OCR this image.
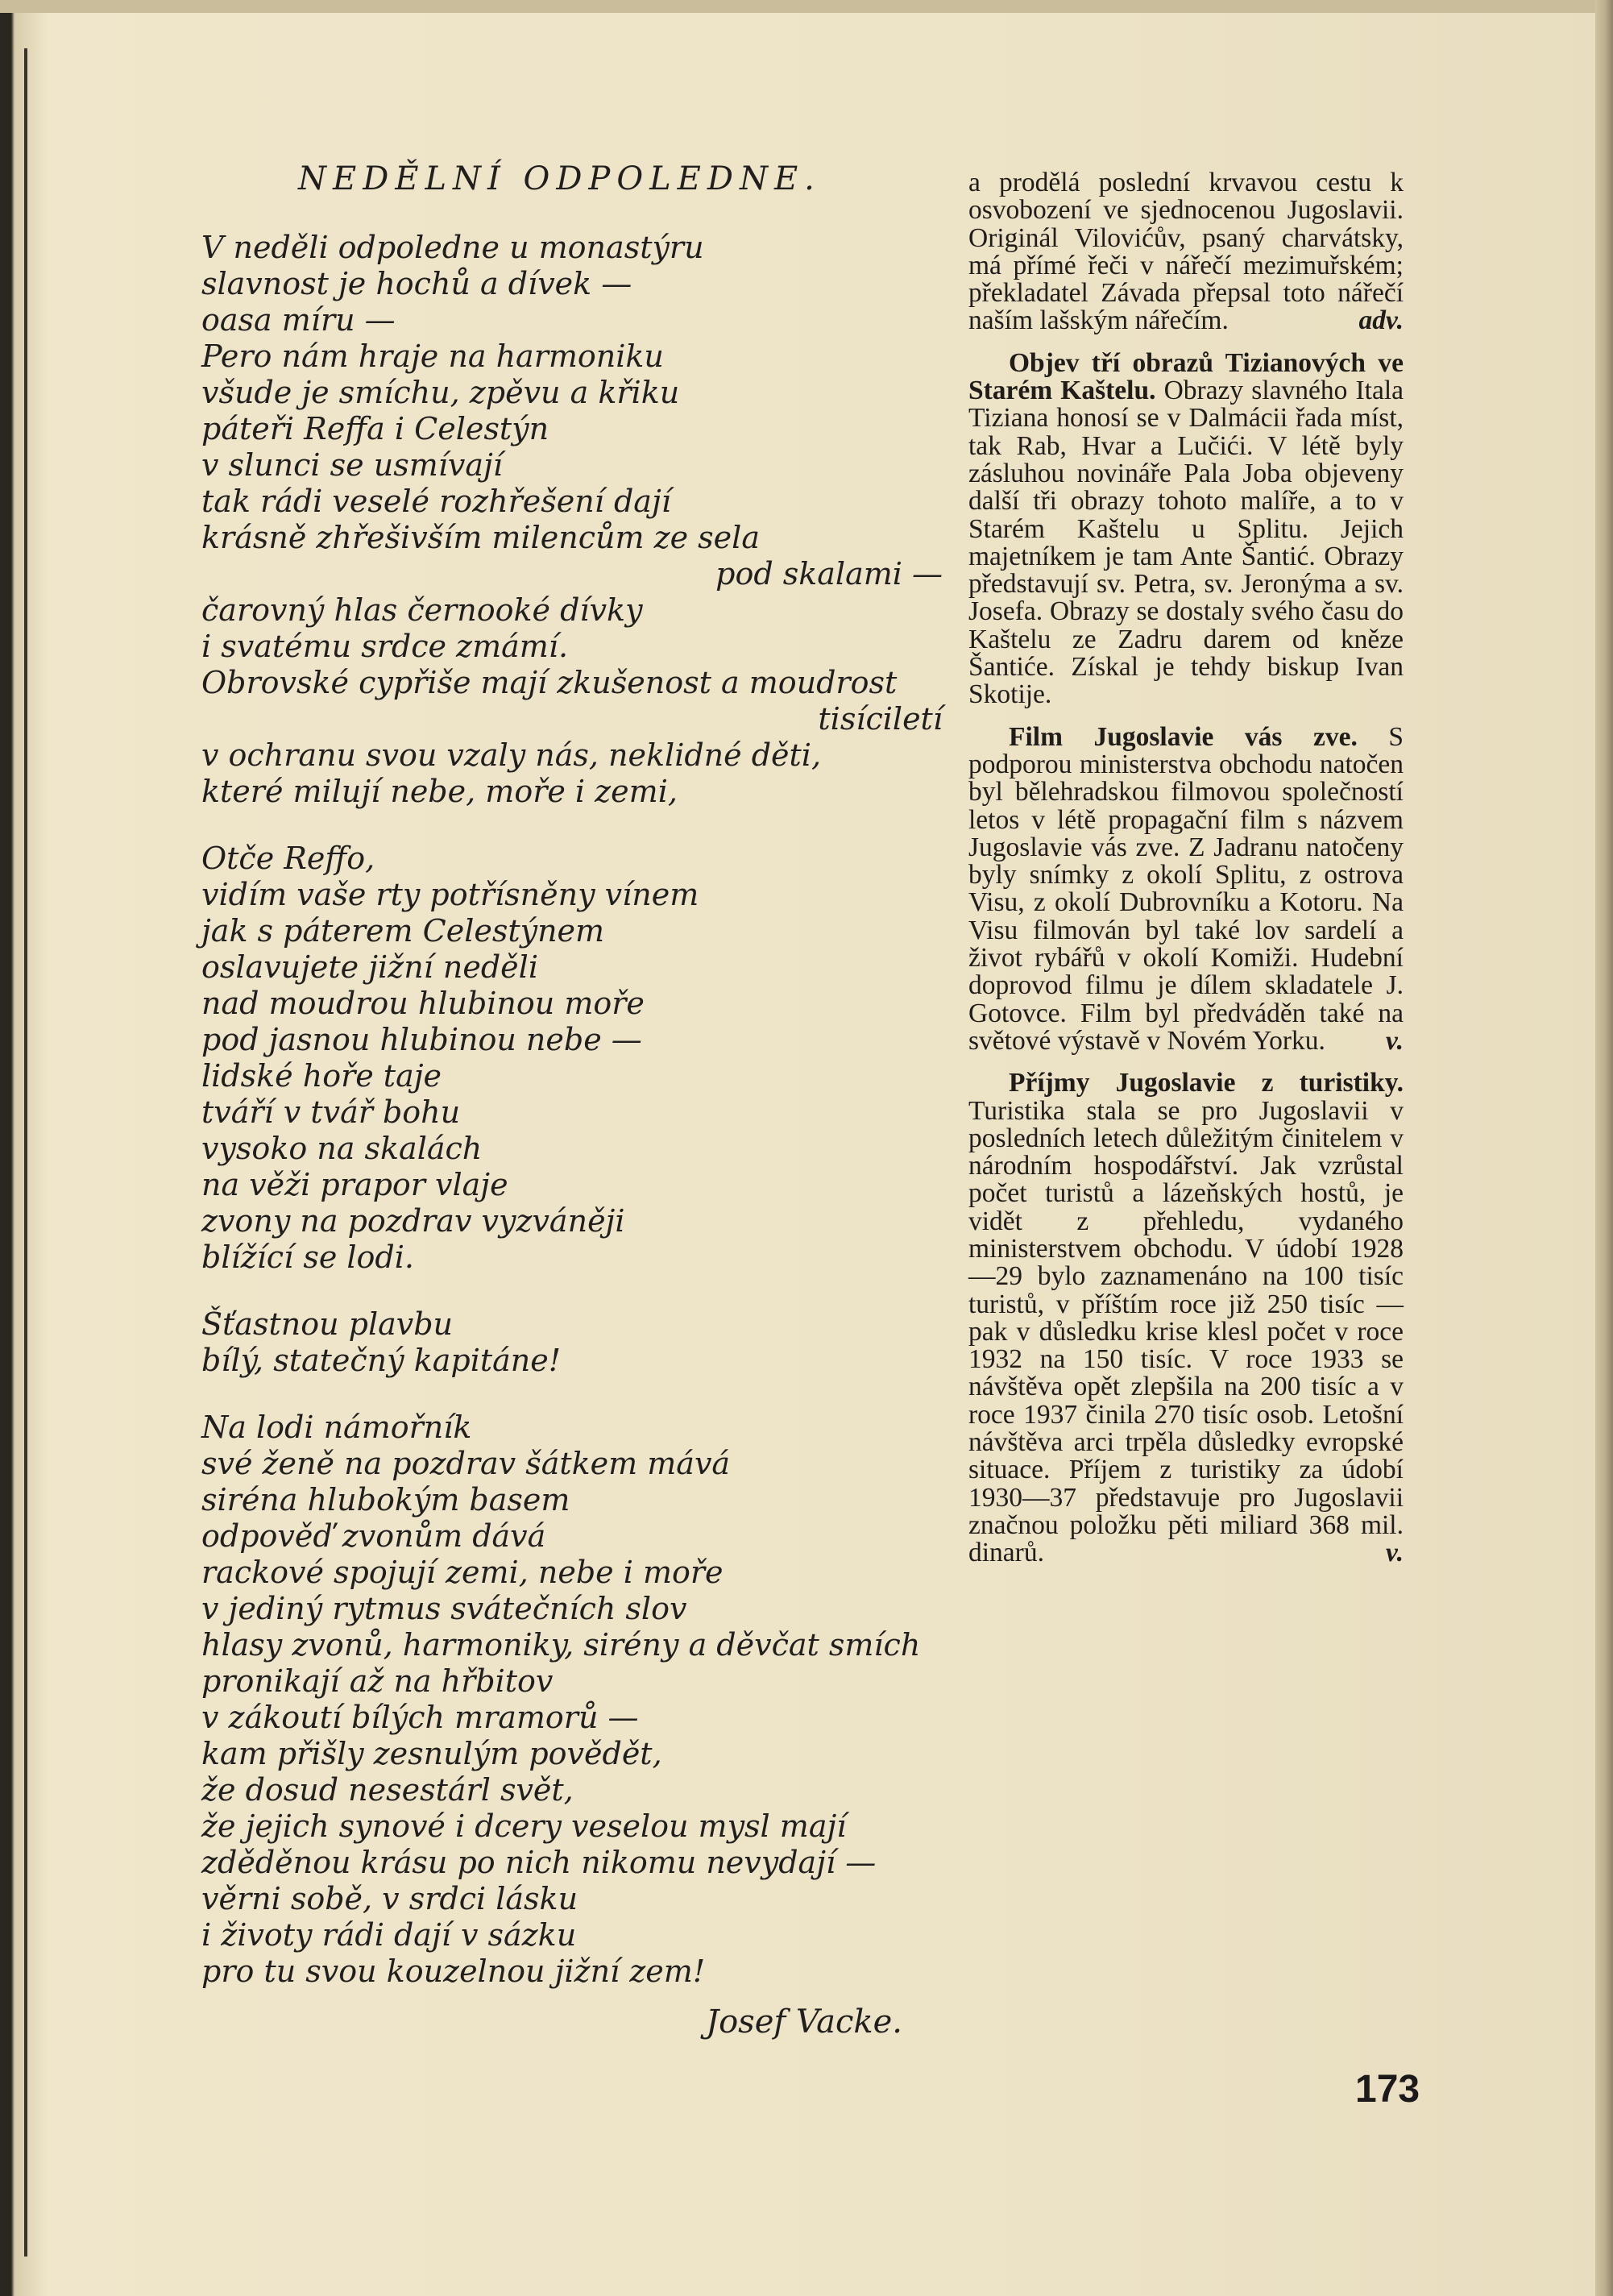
NEDĚLNÍ ODPOLEDNE.
V neděli odpoledne u monastýru
slavnost je hochů a dívek —
oasa míru —
Pero nám hraje na harmoniku
všude je smíchu, zpěvu a křiku
páteři Reffa i Celestýn
v slunci se usmívají
tak rádi veselé rozhřešení dají
krásně zhřešivším milencům ze sela
pod skalami —
čarovný hlas černooké dívky
i svatému srdce zmámí.
Obrovské cypřiše mají zkušenost a moudrost
tisíciletí
v ochranu svou vzaly nás, neklidné děti,
které milují nebe, moře i zemi,
Otče Reffo,
vidím vaše rty potřísněny vínem
jak s páterem Celestýnem
oslavujete jižní neděli
nad moudrou hlubinou moře
pod jasnou hlubinou nebe —
lidské hoře taje
tváří v tvář bohu
vysoko na skalách
na věži prapor vlaje
zvony na pozdrav vyzváněji
blížící se lodi.
Šťastnou plavbu
bílý, statečný kapitáne!
Na lodi námořník
své ženě na pozdrav šátkem mává
siréna hlubokým basem
odpověď zvonům dává
rackové spojují zemi, nebe i moře
v jediný rytmus svátečních slov
hlasy zvonů, harmoniky, sirény a děvčat smích
pronikají až na hřbitov
v zákoutí bílých mramorů —
kam přišly zesnulým povědět,
že dosud nesestárl svět,
že jejich synové i dcery veselou mysl mají
zděděnou krásu po nich nikomu nevydají —
věrni sobě, v srdci lásku
i životy rádi dají v sázku
pro tu svou kouzelnou jižní zem!
Josef Vacke.

a prodělá poslední krvavou cestu k osvobození ve sjednocenou Jugoslavii. Originál Vilovićův, psaný charvátsky, má přímé řeči v nářečí mezimuřském; překladatel Závada přepsal toto nářečí naším lašským nářečím.	adv.

Objev tří obrazů Tizianových ve Starém Kaštelu. Obrazy slavného Itala Tiziana honosí se v Dalmácii řada míst, tak Rab, Hvar a Lučići. V létě byly zásluhou novináře Pala Joba objeveny další tři obrazy tohoto malíře, a to v Starém Kaštelu u Splitu. Jejich majetníkem je tam Ante Šantić. Obrazy představují sv. Petra, sv. Jeronýma a sv. Josefa. Obrazy se dostaly svého času do Kaštelu ze Zadru darem od kněze Šantiće. Získal je tehdy biskup Ivan Skotije.

Film Jugoslavie vás zve. S podporou ministerstva obchodu natočen byl bělehradskou filmovou společností letos v létě propagační film s názvem Jugoslavie vás zve. Z Jadranu natočeny byly snímky z okolí Splitu, z ostrova Visu, z okolí Dubrovníku a Kotoru. Na Visu filmován byl také lov sardelí a život rybářů v okolí Komiži. Hudební doprovod filmu je dílem skladatele J. Gotovce. Film byl předváděn také na světové výstavě v Novém Yorku.	v.

Příjmy Jugoslavie z turistiky. Turistika stala se pro Jugoslavii v posledních letech důležitým činitelem v národním hospodářství. Jak vzrůstal počet turistů a lázeňských hostů, je vidět z přehledu, vydaného ministerstvem obchodu. V údobí 1928—29 bylo zaznamenáno na 100 tisíc turistů, v příštím roce již 250 tisíc — pak v důsledku krise klesl počet v roce 1932 na 150 tisíc. V roce 1933 se návštěva opět zlepšila na 200 tisíc a v roce 1937 činila 270 tisíc osob. Letošní návštěva arci trpěla důsledky evropské situace. Příjem z turistiky za údobí 1930—37 představuje pro Jugoslavii značnou položku pěti miliard 368 mil. dinarů.	v.

173
